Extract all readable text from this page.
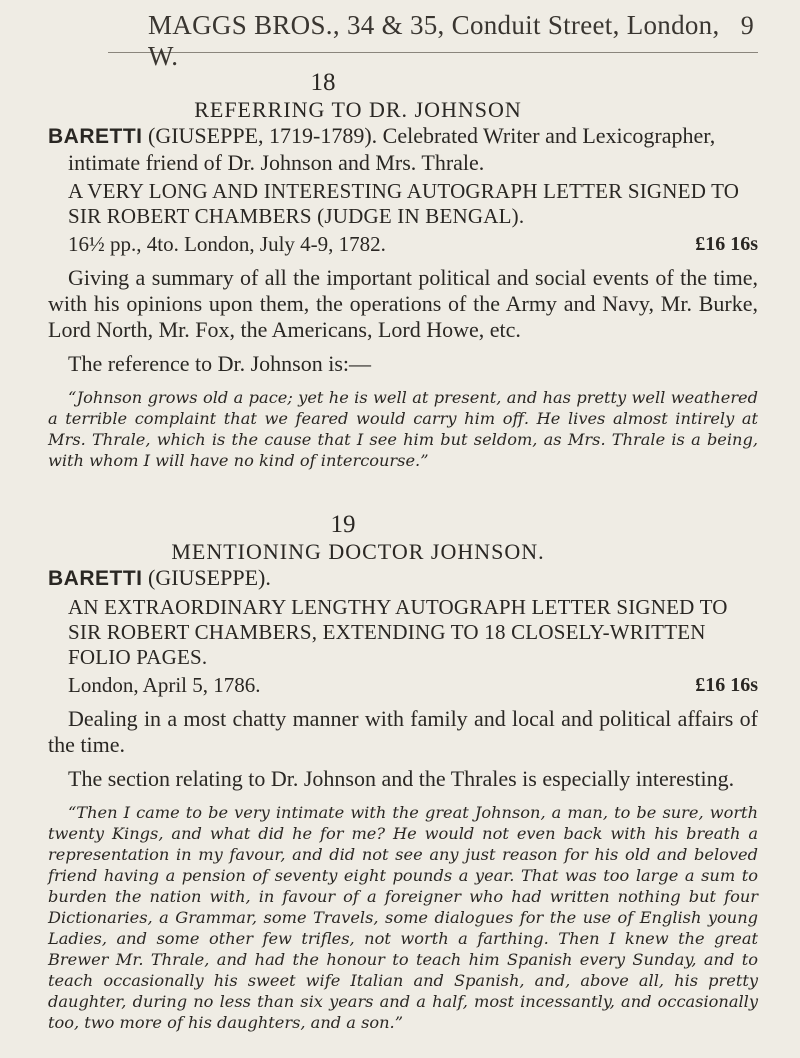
MAGGS BROS., 34 & 35, Conduit Street, London, W.
9
18
REFERRING TO DR. JOHNSON

BARETTI (GIUSEPPE, 1719-1789). Celebrated Writer and Lexicographer, intimate friend of Dr. Johnson and Mrs. Thrale.

A VERY LONG AND INTERESTING AUTOGRAPH LETTER SIGNED TO SIR ROBERT CHAMBERS (JUDGE IN BENGAL).

16½ pp., 4to. London, July 4-9, 1782.	£16 16s

Giving a summary of all the important political and social events of the time, with his opinions upon them, the operations of the Army and Navy, Mr. Burke, Lord North, Mr. Fox, the Americans, Lord Howe, etc.

The reference to Dr. Johnson is:—

“Johnson grows old a pace; yet he is well at present, and has pretty well weathered a terrible complaint that we feared would carry him off. He lives almost intirely at Mrs. Thrale, which is the cause that I see him but seldom, as Mrs. Thrale is a being, with whom I will have no kind of intercourse.”

19
MENTIONING DOCTOR JOHNSON.

BARETTI (GIUSEPPE).

AN EXTRAORDINARY LENGTHY AUTOGRAPH LETTER SIGNED TO SIR ROBERT CHAMBERS, EXTENDING TO 18 CLOSELY-WRITTEN FOLIO PAGES.

London, April 5, 1786.	£16 16s

Dealing in a most chatty manner with family and local and political affairs of the time.

The section relating to Dr. Johnson and the Thrales is especially interesting.

“Then I came to be very intimate with the great Johnson, a man, to be sure, worth twenty Kings, and what did he for me? He would not even back with his breath a representation in my favour, and did not see any just reason for his old and beloved friend having a pension of seventy eight pounds a year. That was too large a sum to burden the nation with, in favour of a foreigner who had written nothing but four Dictionaries, a Grammar, some Travels, some dialogues for the use of English young Ladies, and some other few trifles, not worth a farthing. Then I knew the great Brewer Mr. Thrale, and had the honour to teach him Spanish every Sunday, and to teach occasionally his sweet wife Italian and Spanish, and, above all, his pretty daughter, during no less than six years and a half, most incessantly, and occasionally too, two more of his daughters, and a son.”
